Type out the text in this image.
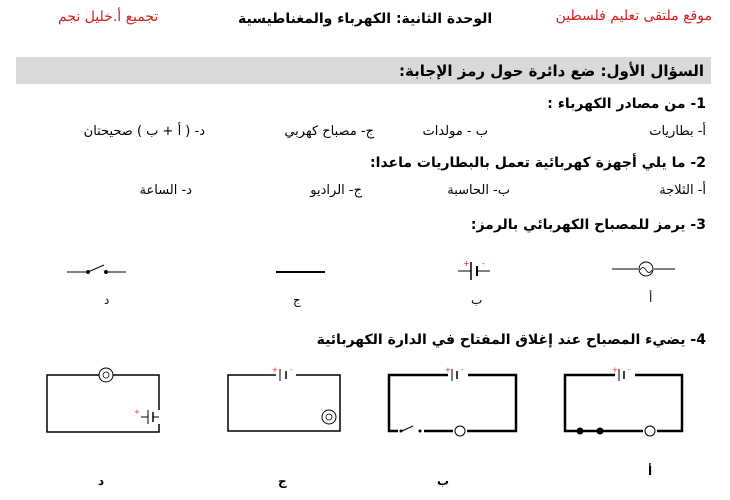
موقع ملتقى تعليم فلسطين
الوحدة الثانية: الكهرباء والمغناطيسية
تجميع أ.خليل نجم
السؤال الأول: ضع دائرة حول رمز الإجابة:
1- من مصادر الكهرباء :
أ- بطاريات
ب - مولدات
ج- مصباح كهربي
د- ( أ + ب ) صحيحتان
2- ما يلي أجهزة كهربائية تعمل بالبطاريات ماعدا:
أ- الثلاجة
ب- الحاسبة
ج- الراديو
د- الساعة
3- يرمز للمصباح الكهربائي بالرمز:
+ -
+ -
+ -
+ -
+
أ
ب
ج
د
4- يضيء المصباح عند إغلاق المفتاح في الدارة الكهربائية
أ
ب
ج
د
